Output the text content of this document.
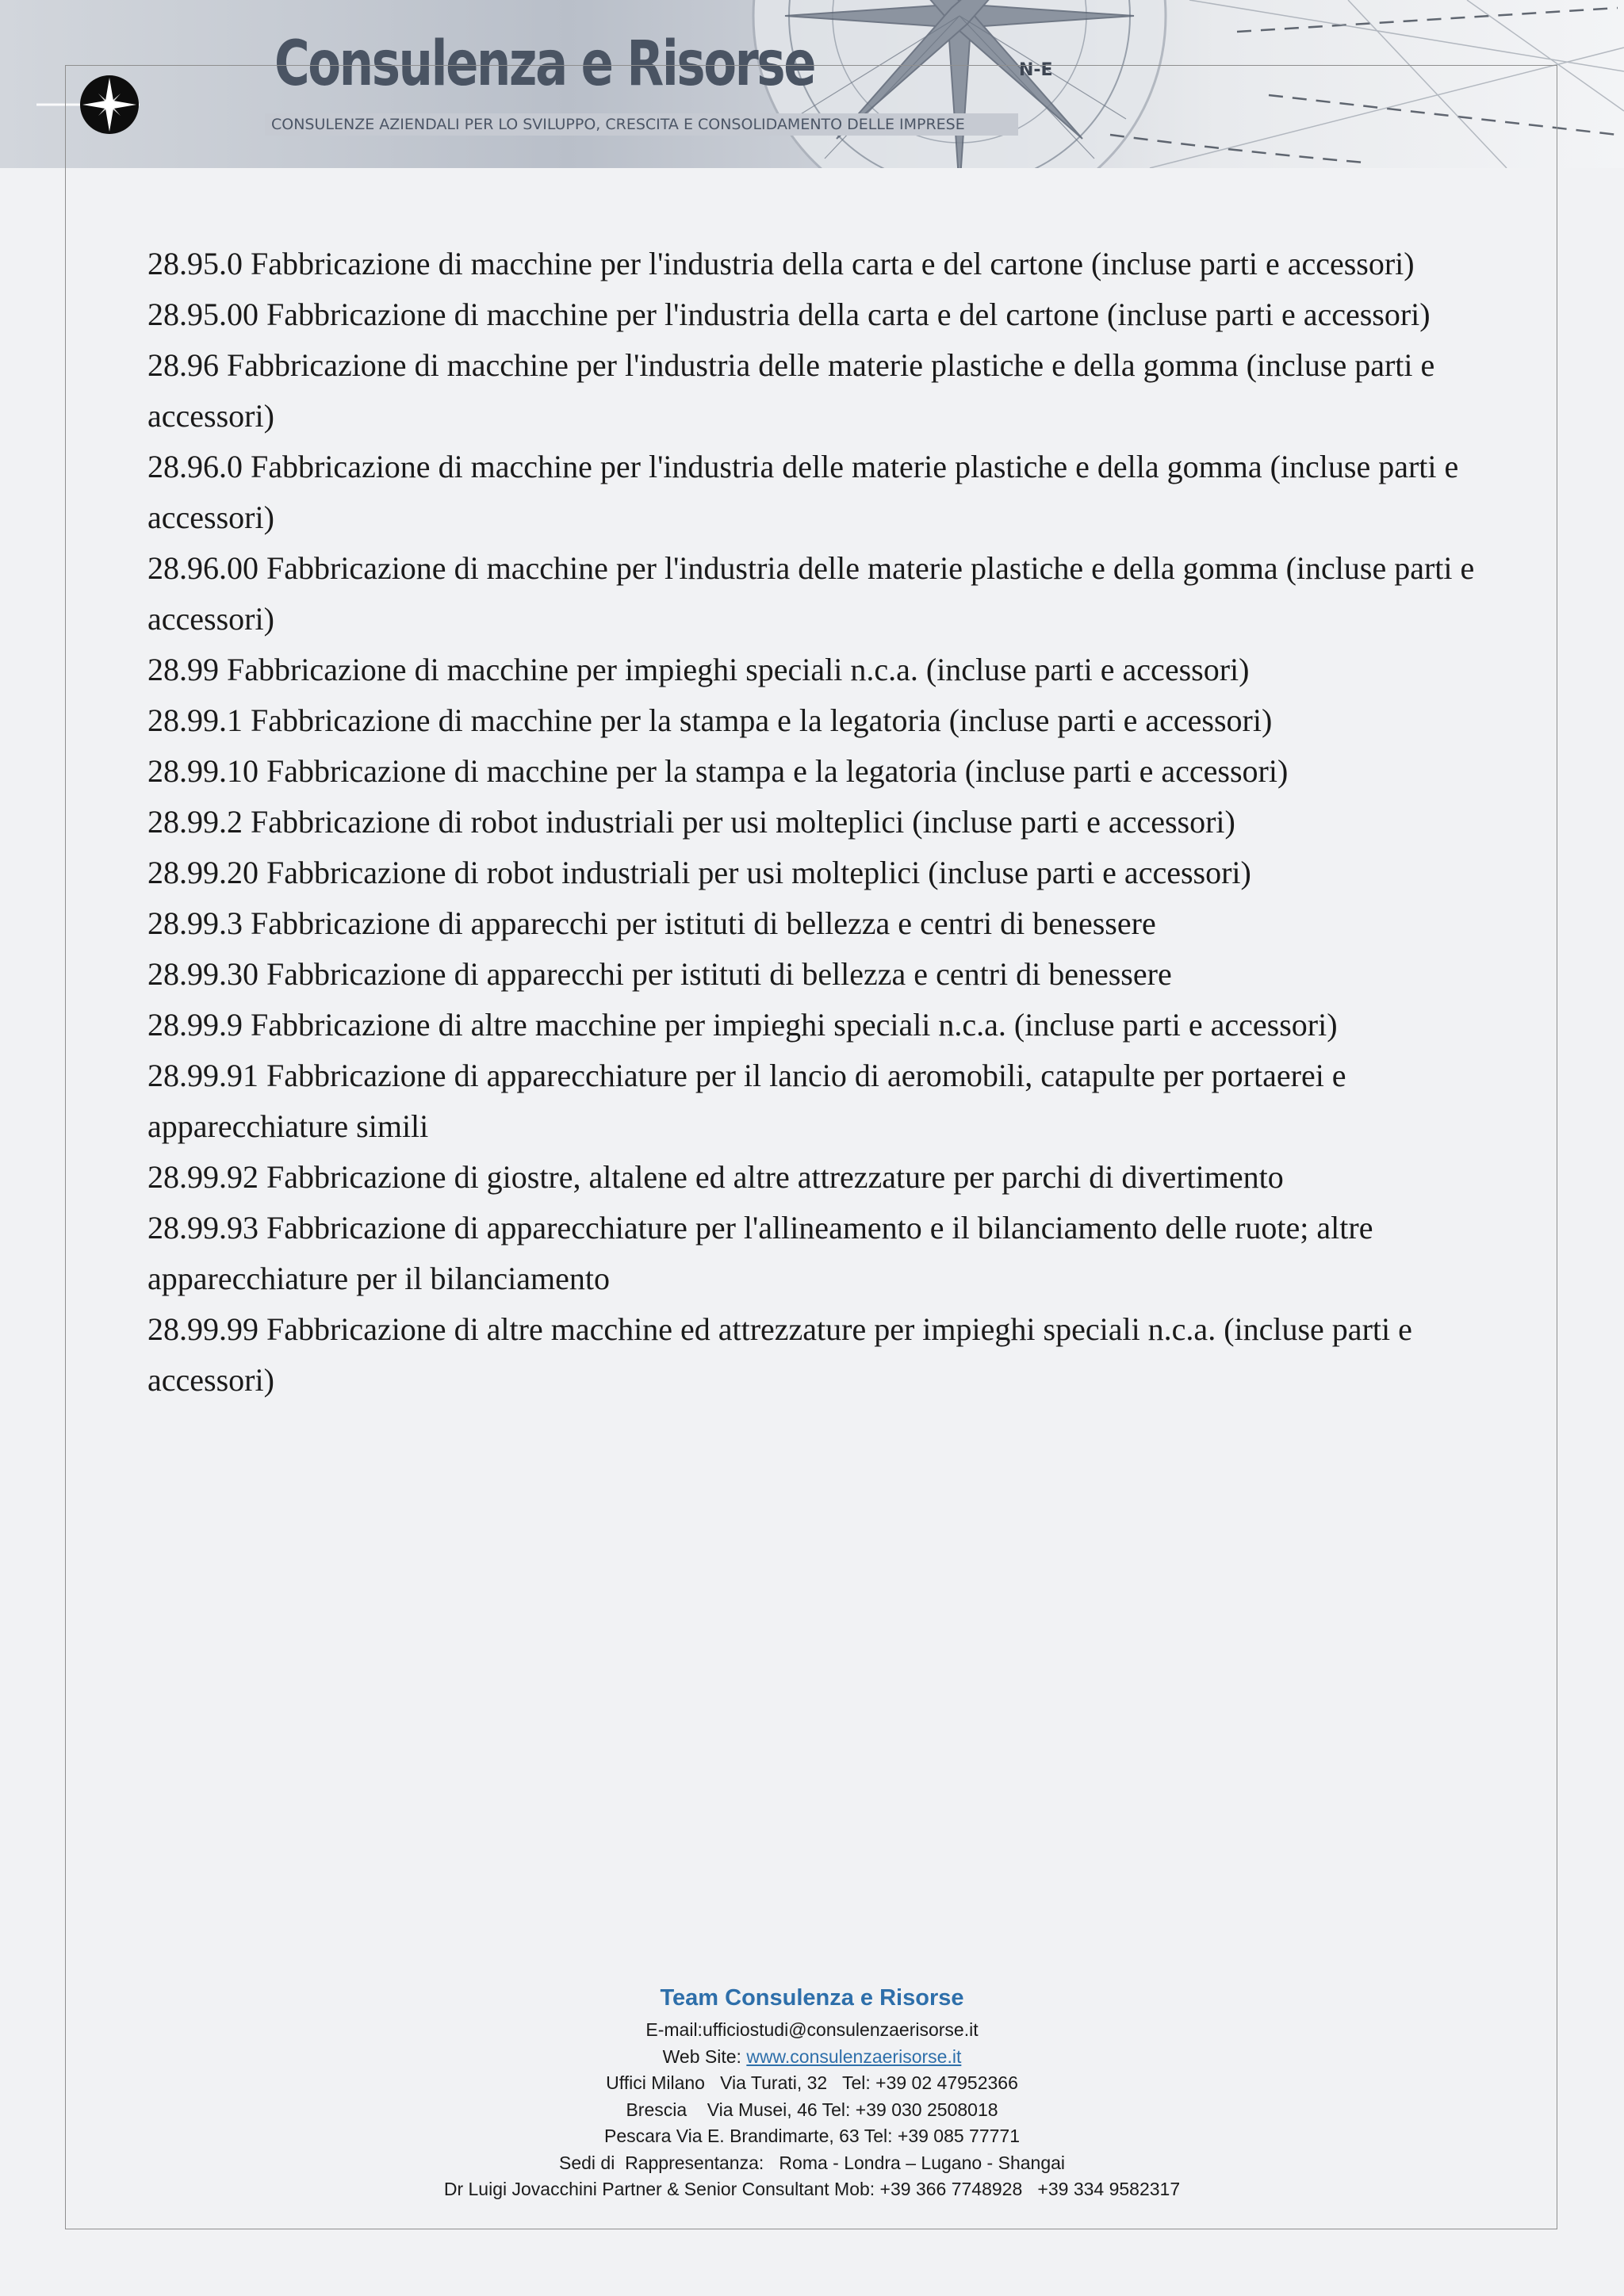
N-E
Consulenza e Risorse
CONSULENZE AZIENDALI PER LO SVILUPPO, CRESCITA E CONSOLIDAMENTO DELLE IMPRESE

28.95.0 Fabbricazione di macchine per l'industria della carta e del cartone (incluse parti e accessori)

28.95.00 Fabbricazione di macchine per l'industria della carta e del cartone (incluse parti e accessori)

28.96 Fabbricazione di macchine per l'industria delle materie plastiche e della gomma (incluse parti e accessori)

28.96.0 Fabbricazione di macchine per l'industria delle materie plastiche e della gomma (incluse parti e accessori)

28.96.00 Fabbricazione di macchine per l'industria delle materie plastiche e della gomma (incluse parti e accessori)

28.99 Fabbricazione di macchine per impieghi speciali n.c.a. (incluse parti e accessori)

28.99.1 Fabbricazione di macchine per la stampa e la legatoria (incluse parti e accessori)

28.99.10 Fabbricazione di macchine per la stampa e la legatoria (incluse parti e accessori)

28.99.2 Fabbricazione di robot industriali per usi molteplici (incluse parti e accessori)

28.99.20 Fabbricazione di robot industriali per usi molteplici (incluse parti e accessori)

28.99.3 Fabbricazione di apparecchi per istituti di bellezza e centri di benessere

28.99.30 Fabbricazione di apparecchi per istituti di bellezza e centri di benessere

28.99.9 Fabbricazione di altre macchine per impieghi speciali n.c.a. (incluse parti e accessori)

28.99.91 Fabbricazione di apparecchiature per il lancio di aeromobili, catapulte per portaerei e apparecchiature simili

28.99.92 Fabbricazione di giostre, altalene ed altre attrezzature per parchi di divertimento

28.99.93 Fabbricazione di apparecchiature per l'allineamento e il bilanciamento delle ruote; altre apparecchiature per il bilanciamento

28.99.99 Fabbricazione di altre macchine ed attrezzature per impieghi speciali n.c.a. (incluse parti e accessori)

Team Consulenza e Risorse
E-mail:ufficiostudi@consulenzaerisorse.it
Web Site: www.consulenzaerisorse.it
Uffici Milano   Via Turati, 32   Tel: +39 02 47952366
Brescia    Via Musei, 46 Tel: +39 030 2508018
Pescara Via E. Brandimarte, 63 Tel: +39 085 77771
Sedi di  Rappresentanza:   Roma - Londra – Lugano - Shangai
Dr Luigi Jovacchini Partner & Senior Consultant Mob: +39 366 7748928   +39 334 9582317
